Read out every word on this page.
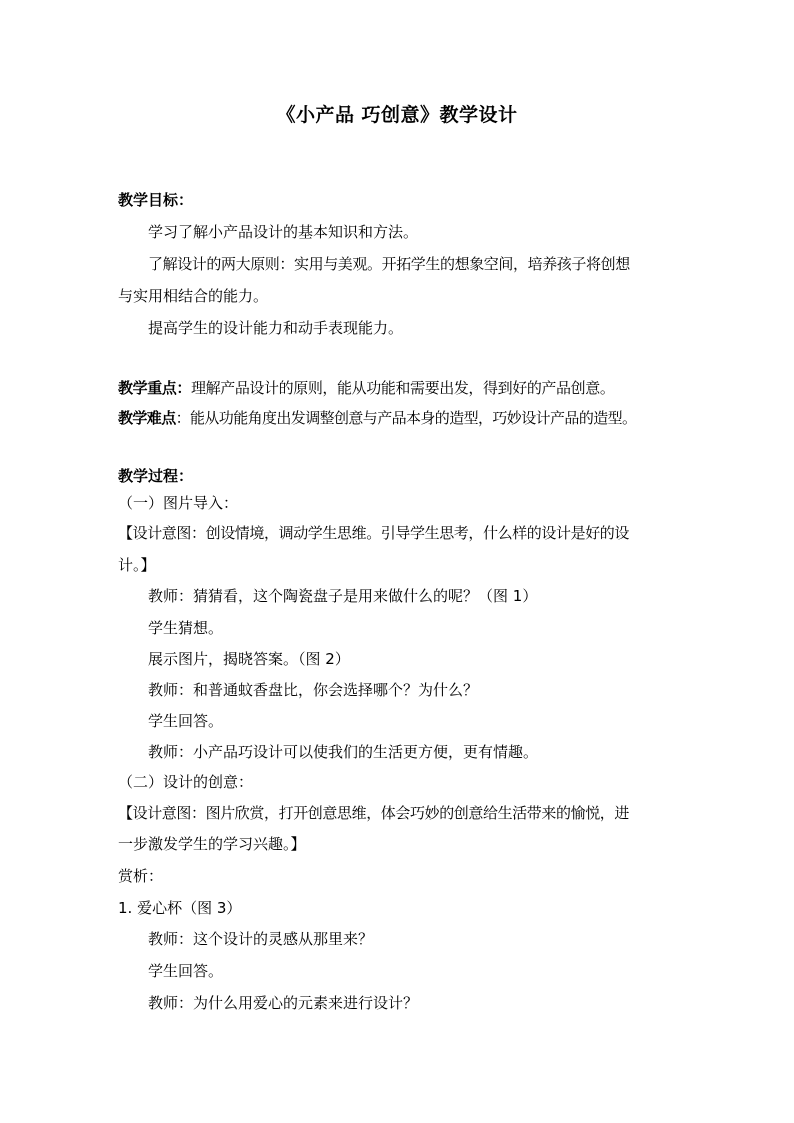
《小产品 巧创意》教学设计
教学目标：
学习了解小产品设计的基本知识和方法。
了解设计的两大原则：实用与美观。开拓学生的想象空间，培养孩子将创想
与实用相结合的能力。
提高学生的设计能力和动手表现能力。
教学重点：理解产品设计的原则，能从功能和需要出发，得到好的产品创意。
教学难点：能从功能角度出发调整创意与产品本身的造型，巧妙设计产品的造型。
教学过程：
（一）图片导入：
【设计意图：创设情境，调动学生思维。引导学生思考，什么样的设计是好的设
计。】
教师：猜猜看，这个陶瓷盘子是用来做什么的呢？（图 1）
学生猜想。
展示图片，揭晓答案。（图 2）
教师：和普通蚊香盘比，你会选择哪个？为什么？
学生回答。
教师：小产品巧设计可以使我们的生活更方便，更有情趣。
（二）设计的创意：
【设计意图：图片欣赏，打开创意思维，体会巧妙的创意给生活带来的愉悦，进
一步激发学生的学习兴趣。】
赏析：
1. 爱心杯（图 3）
教师：这个设计的灵感从那里来？
学生回答。
教师：为什么用爱心的元素来进行设计？
